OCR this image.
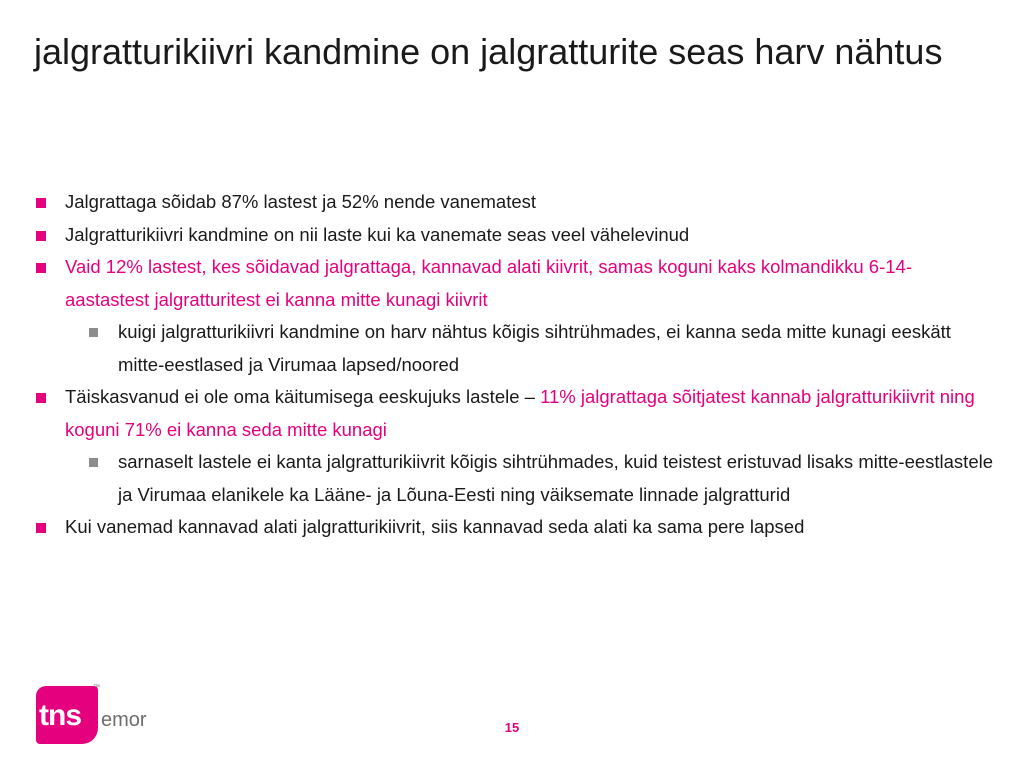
jalgratturikiivri kandmine on jalgratturite seas harv nähtus
Jalgrattaga sõidab 87% lastest ja 52% nende vanematest
Jalgratturikiivri kandmine on nii laste kui ka vanemate seas veel vähelevinud
Vaid 12% lastest, kes sõidavad jalgrattaga, kannavad alati kiivrit, samas koguni kaks kolmandikku 6-14-aastastest jalgratturitest ei kanna mitte kunagi kiivrit
kuigi jalgratturikiivri kandmine on harv nähtus kõigis sihtrühmades, ei kanna seda mitte kunagi eeskätt mitte-eestlased ja Virumaa lapsed/noored
Täiskasvanud ei ole oma käitumisega eeskujuks lastele – 11% jalgrattaga sõitjatest kannab jalgratturikiivrit ning koguni 71% ei kanna seda mitte kunagi
sarnaselt lastele ei kanta jalgratturikiivrit kõigis sihtrühmades, kuid teistest eristuvad lisaks mitte-eestlastele ja Virumaa elanikele ka Lääne- ja Lõuna-Eesti ning väiksemate linnade jalgratturid
Kui vanemad kannavad alati jalgratturikiivrit, siis kannavad seda alati ka sama pere lapsed
tns
™
emor	15
